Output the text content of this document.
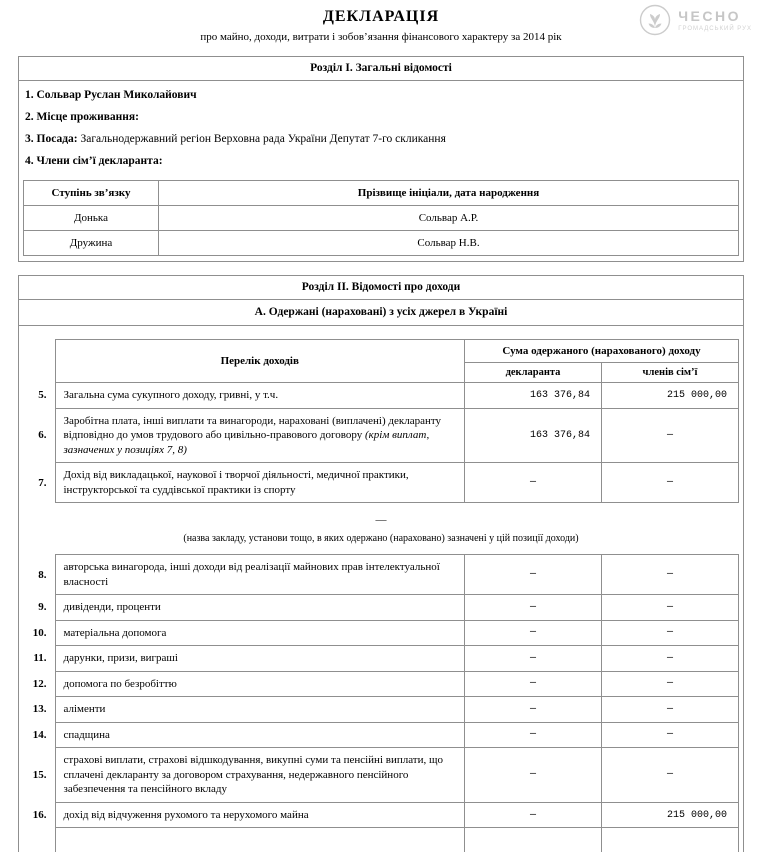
ДЕКЛАРАЦІЯ
про майно, доходи, витрати і зобов’язання фінансового характеру за 2014 рік
ЧЕСНО
ГРОМАДСЬКИЙ РУХ
Розділ I. Загальні відомості
1. Сольвар Руслан Миколайович
2. Місце проживання:
3. Посада: Загальнодержавний регіон Верховна рада України Депутат 7-го скликання
4. Члени сім’ї декларанта:
Ступінь зв’язку	Прізвище ініціали, дата народження
Донька	Сольвар А.Р.
Дружина	Сольвар Н.В.
Розділ II. Відомості про доходи
А. Одержані (нараховані) з усіх джерел в Україні
	Перелік доходів	Сума одержаного (нарахованого) доходу	
		декларанта	членів сім’ї
5.	Загальна сума сукупного доходу, гривні, у т.ч.	163 376,84	215 000,00
6.	Заробітна плата, інші виплати та винагороди, нараховані (виплачені) декларанту відповідно до умов трудового або цивільно-правового договору (крім виплат, зазначених у позиціях 7, 8)	163 376,84	—
7.	Дохід від викладацької, наукової і творчої діяльності, медичної практики, інструкторської та суддівської практики із спорту	—	—
—
(назва закладу, установи тощо, в яких одержано (нараховано) зазначені у цій позиції доходи)
8.	авторська винагорода, інші доходи від реалізації майнових прав інтелектуальної власності	—	—
9.	дивіденди, проценти	—	—
10.	матеріальна допомога	—	—
11.	дарунки, призи, виграші	—	—
12.	допомога по безробіттю	—	—
13.	аліменти	—	—
14.	спадщина	—	—
15.	страхові виплати, страхові відшкодування, викупні суми та пенсійні виплати, що сплачені декларанту за договором страхування, недержавного пенсійного забезпечення та пенсійного вкладу	—	—
16.	дохід від відчуження рухомого та нерухомого майна	—	215 000,00
